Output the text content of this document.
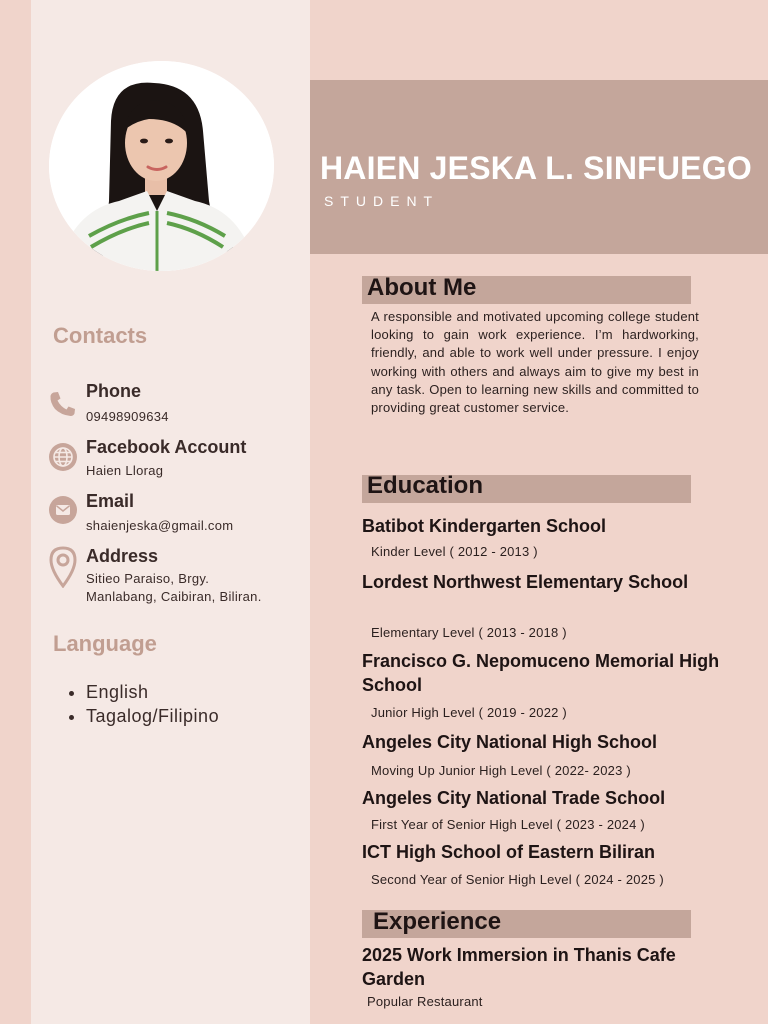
HAIEN JESKA L. SINFUEGO
STUDENT
Contacts
Phone
09498909634
Facebook Account
Haien Llorag
Email
shaienjeska@gmail.com
Address
Sitieo Paraiso, Brgy.
Manlabang, Caibiran, Biliran.
Language
• English
• Tagalog/Filipino
About Me
A responsible and motivated upcoming college student looking to gain work experience. I’m hardworking, friendly, and able to work well under pressure. I enjoy working with others and always aim to give my best in any task. Open to learning new skills and committed to providing great customer service.
Education
Batibot Kindergarten School
Kinder Level ( 2012 - 2013 )
Lordest Northwest Elementary School
Elementary Level ( 2013 - 2018 )
Francisco G. Nepomuceno Memorial High School
Junior High Level ( 2019 - 2022 )
Angeles City National High School
Moving Up Junior High Level ( 2022- 2023 )
Angeles City National Trade School
First Year of Senior High Level ( 2023 - 2024 )
ICT High School of Eastern Biliran
Second Year of Senior High Level ( 2024 - 2025 )
Experience
2025 Work Immersion in Thanis Cafe Garden
Popular Restaurant
